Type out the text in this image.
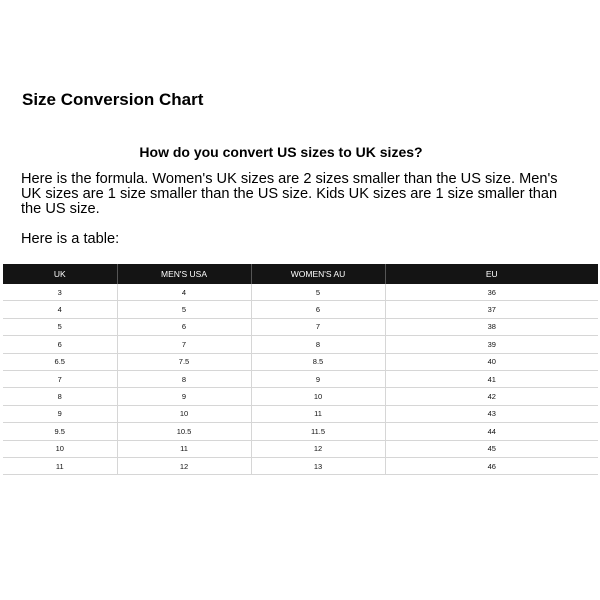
Size Conversion Chart
How do you convert US sizes to UK sizes?

Here is the formula. Women's UK sizes are 2 sizes smaller than the US size. Men's UK sizes are 1 size smaller than the US size. Kids UK sizes are 1 size smaller than the US size.

Here is a table:

UK	MEN'S USA	WOMEN'S AU	EU
3	4	5	36
4	5	6	37
5	6	7	38
6	7	8	39
6.5	7.5	8.5	40
7	8	9	41
8	9	10	42
9	10	11	43
9.5	10.5	11.5	44
10	11	12	45
11	12	13	46
